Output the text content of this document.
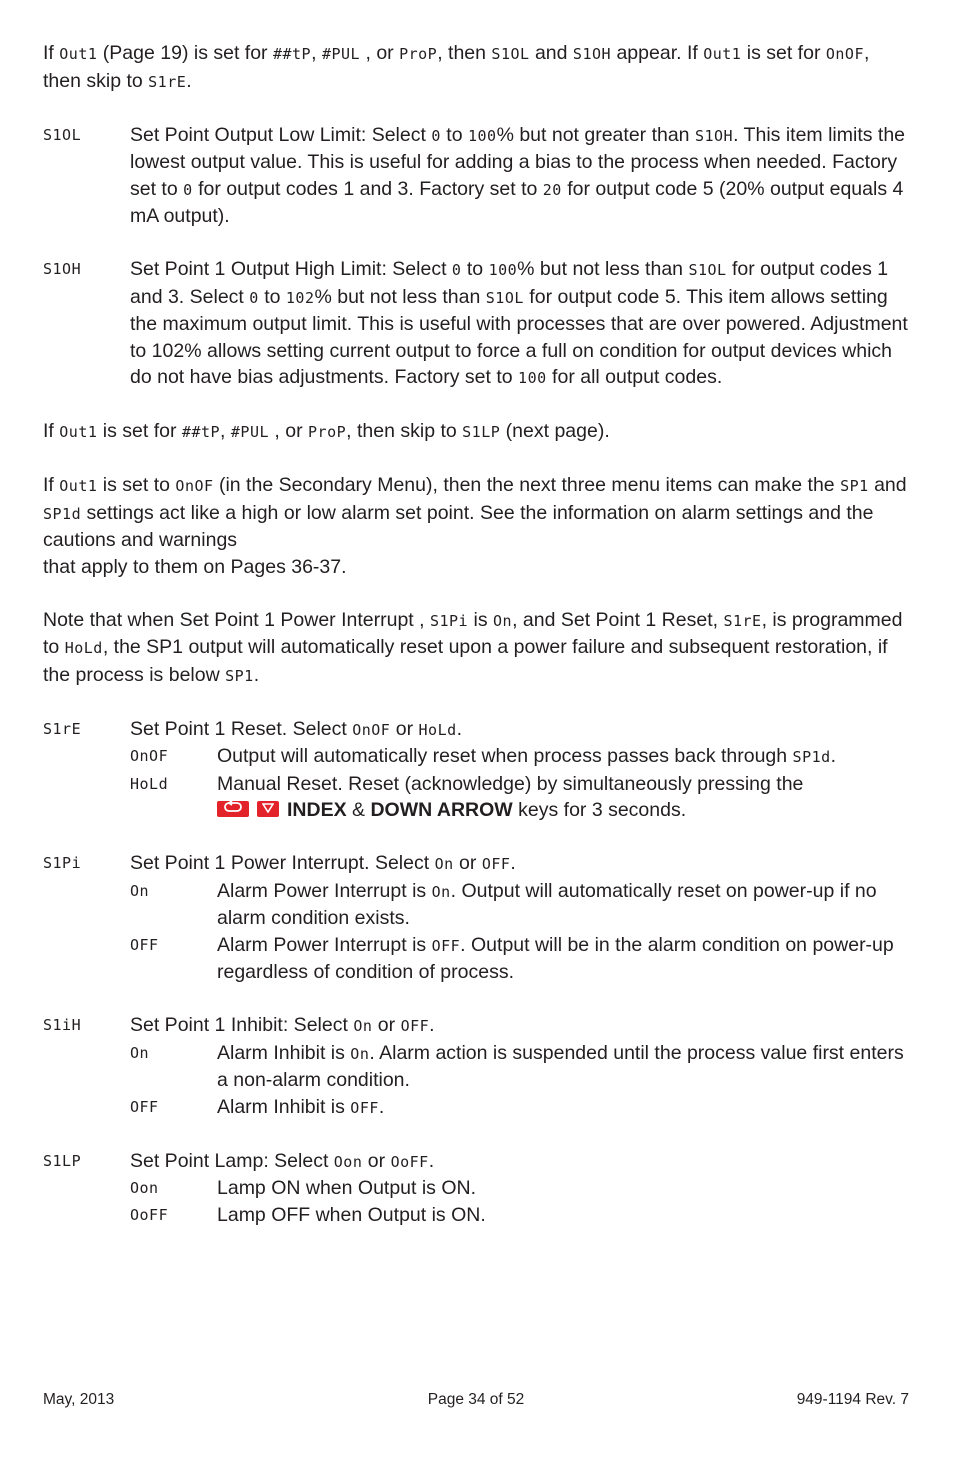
If Out1 (Page 19) is set for ##tP, #PUL , or ProP, then S1OL and S1OH appear. If Out1 is set for OnOF, then skip to S1rE.

S1OL	Set Point Output Low Limit: Select 0 to 100% but not greater than S1OH. This item limits the lowest output value. This is useful for adding a bias to the process when needed. Factory set to 0 for output codes 1 and 3. Factory set to 20 for output code 5 (20% output equals 4 mA output).
S1OH	Set Point 1 Output High Limit: Select 0 to 100% but not less than S1OL for output codes 1 and 3. Select 0 to 102% but not less than S1OL for output code 5. This item allows setting the maximum output limit. This is useful with processes that are over powered. Adjustment to 102% allows setting current output to force a full on condition for output devices which do not have bias adjustments. Factory set to 100 for all output codes.

If Out1 is set for ##tP, #PUL , or ProP, then skip to S1LP (next page).

If Out1 is set to OnOF (in the Secondary Menu), then the next three menu items can make the SP1 and SP1d settings act like a high or low alarm set point. See the information on alarm settings and the cautions and warnings
that apply to them on Pages 36-37.

Note that when Set Point 1 Power Interrupt , S1Pi is On, and Set Point 1 Reset, S1rE, is programmed to HoLd, the SP1 output will automatically reset upon a power failure and subsequent restoration, if the process is below SP1.

S1rE	Set Point 1 Reset. Select OnOF or HoLd.
OnOF	Output will automatically reset when process passes back through SP1d.
HoLd	Manual Reset. Reset (acknowledge) by simultaneously pressing the
INDEX & DOWN ARROW keys for 3 seconds.
S1Pi	Set Point 1 Power Interrupt. Select On or OFF.
On	Alarm Power Interrupt is On. Output will automatically reset on power-up if no alarm condition exists.
OFF	Alarm Power Interrupt is OFF. Output will be in the alarm condition on power-up regardless of condition of process.
S1iH	Set Point 1 Inhibit: Select On or OFF.
On	Alarm Inhibit is On. Alarm action is suspended until the process value first enters a non-alarm condition.
OFF	Alarm Inhibit is OFF.
S1LP	Set Point Lamp: Select Oon or OoFF.
Oon	Lamp ON when Output is ON.
OoFF	Lamp OFF when Output is ON.
May, 2013	Page 34 of 52	949-1194 Rev. 7
